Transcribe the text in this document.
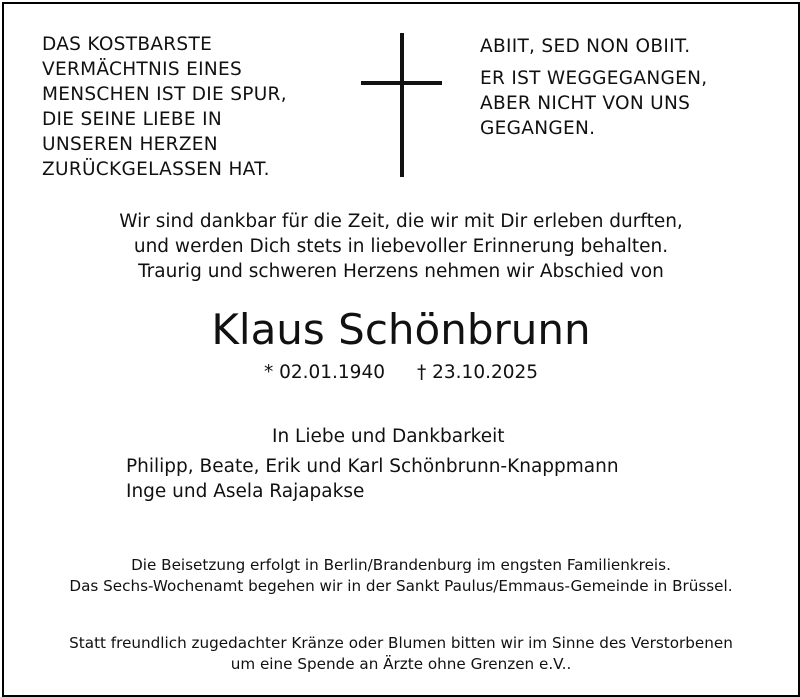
DAS KOSTBARSTE
VERMÄCHTNIS EINES
MENSCHEN IST DIE SPUR,
DIE SEINE LIEBE IN
UNSEREN HERZEN
ZURÜCKGELASSEN HAT.
ABIIT, SED NON OBIIT.
ER IST WEGGEGANGEN,
ABER NICHT VON UNS
GEGANGEN.
Wir sind dankbar für die Zeit, die wir mit Dir erleben durften,
und werden Dich stets in liebevoller Erinnerung behalten.
Traurig und schweren Herzens nehmen wir Abschied von
Klaus Schönbrunn
* 02.01.1940 † 23.10.2025
In Liebe und Dankbarkeit
Philipp, Beate, Erik und Karl Schönbrunn-Knappmann
Inge und Asela Rajapakse
Die Beisetzung erfolgt in Berlin/Brandenburg im engsten Familienkreis.
Das Sechs-Wochenamt begehen wir in der Sankt Paulus/Emmaus-Gemeinde in Brüssel.
Statt freundlich zugedachter Kränze oder Blumen bitten wir im Sinne des Verstorbenen
um eine Spende an Ärzte ohne Grenzen e.V..
